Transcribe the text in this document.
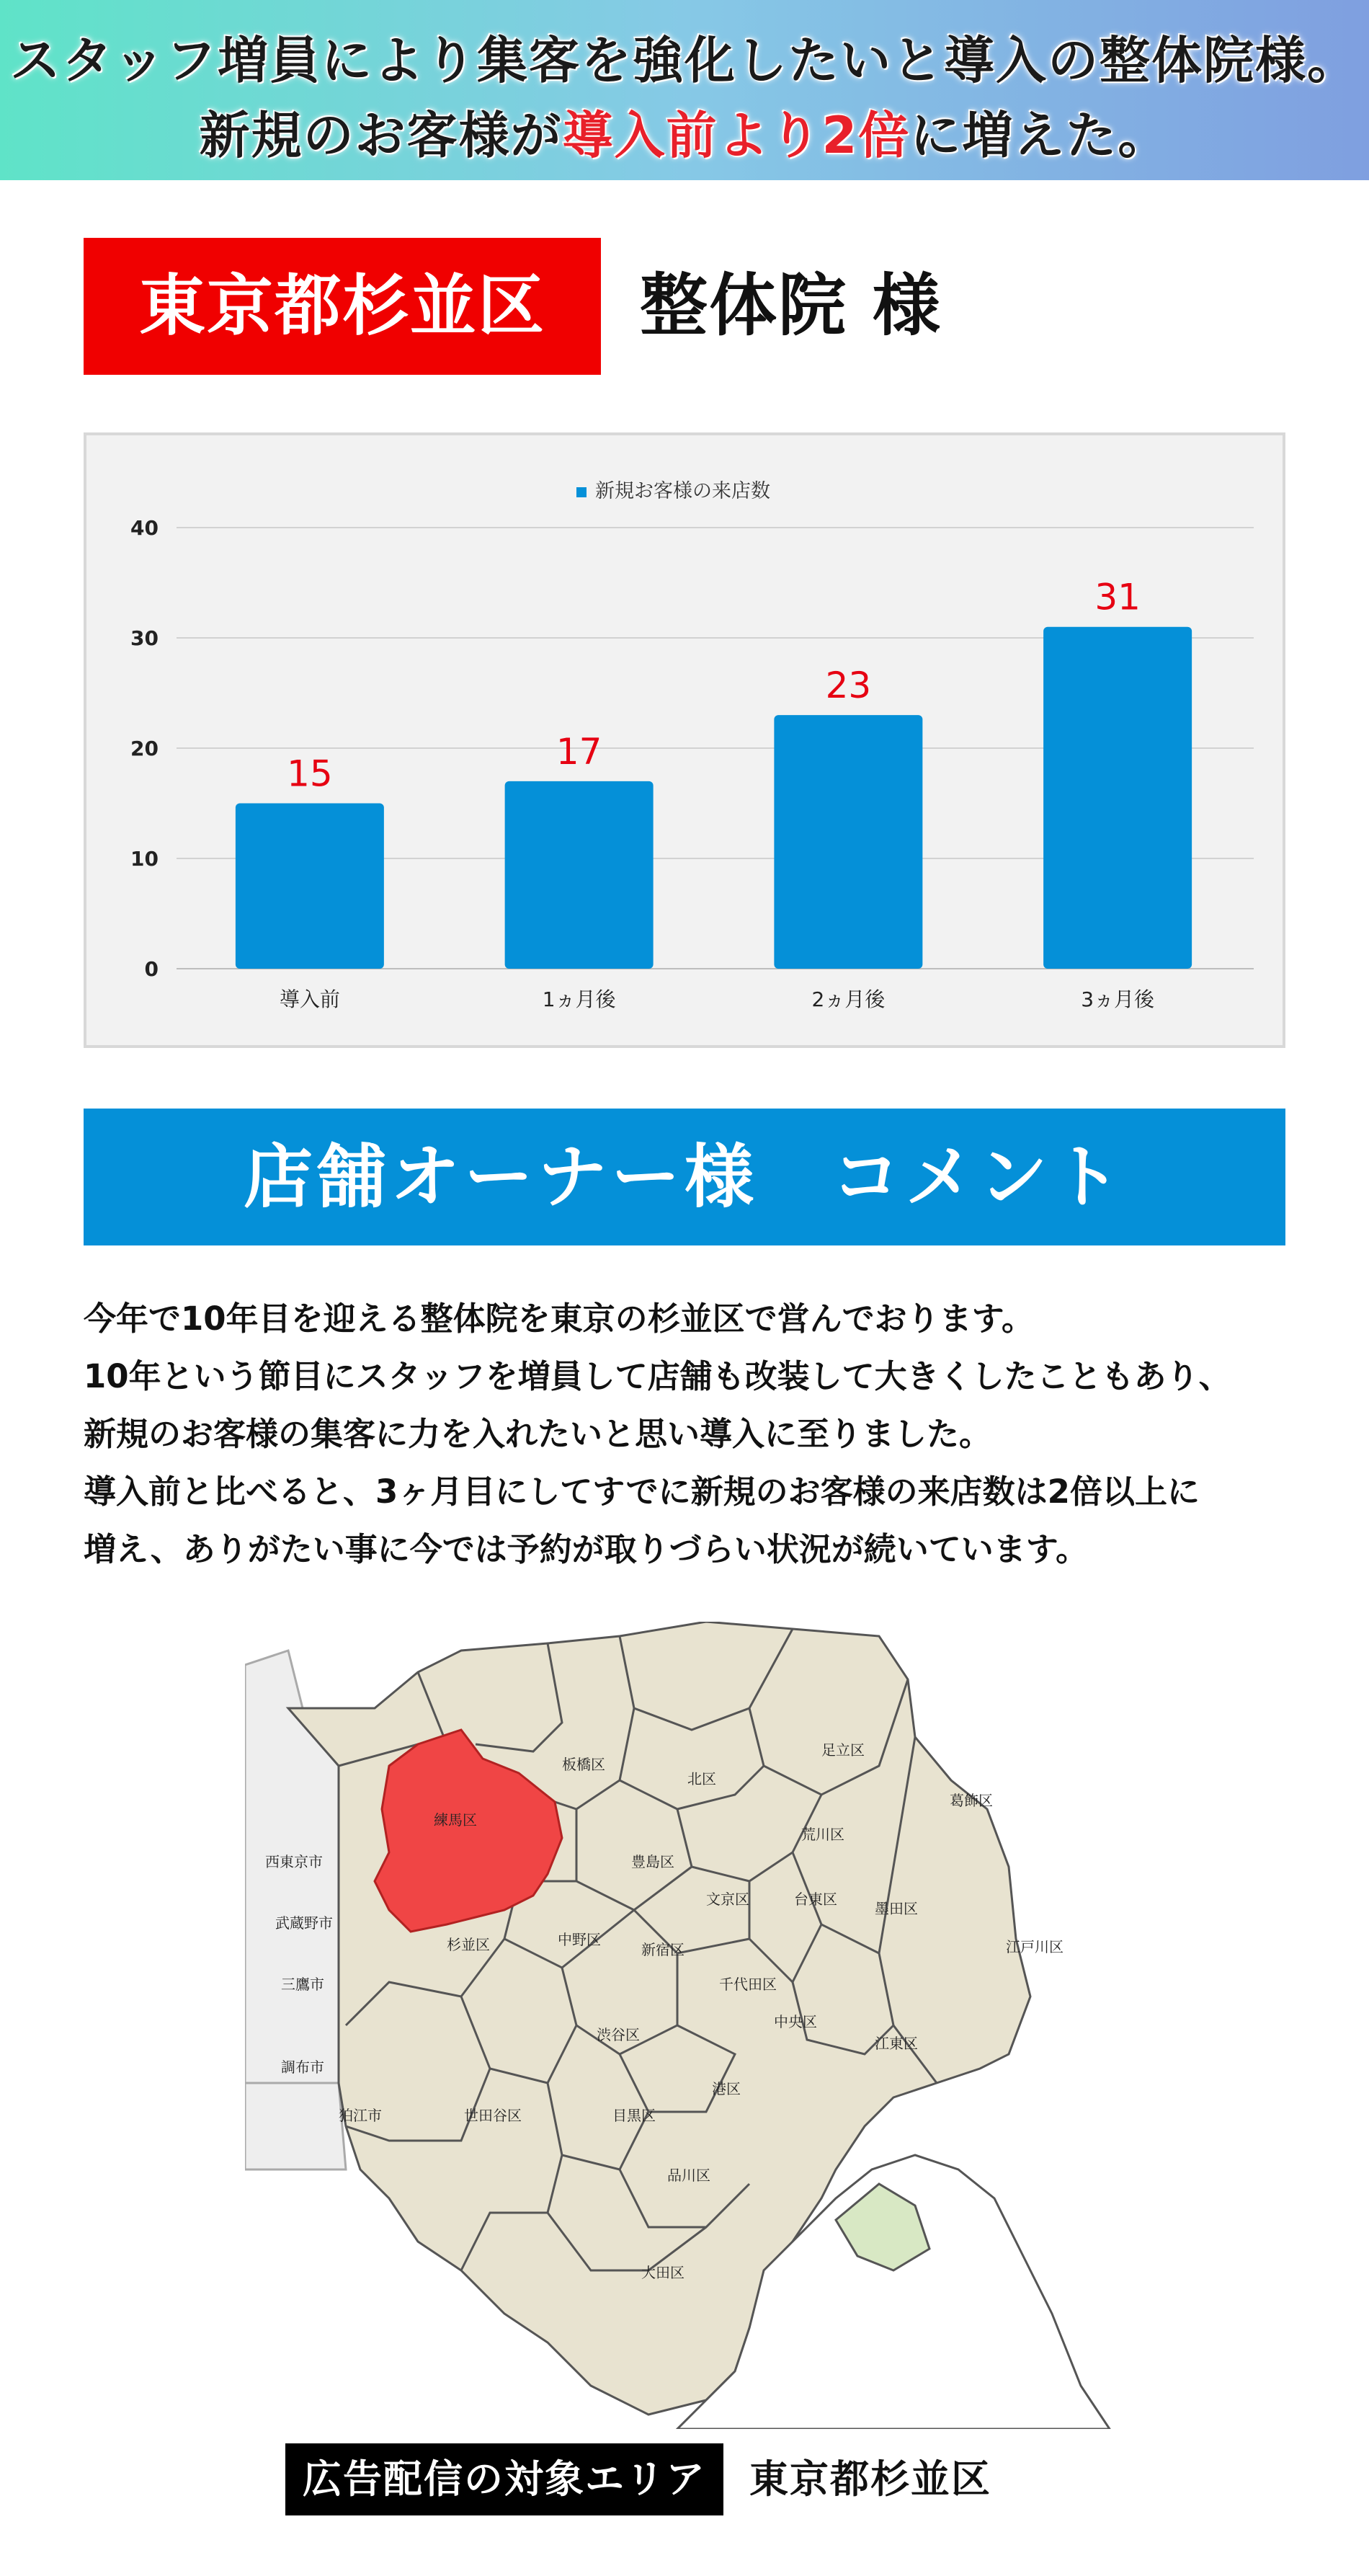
スタッフ増員により集客を強化したいと導入の整体院様。
新規のお客様が導入前より2倍に増えた。
東京都杉並区	整体院 様
新規お客様の来店数
0
10
20
30
40
15
導入前
17
1ヵ月後
23
2ヵ月後
31
3ヵ月後
店舗オーナー様　コメント

今年で10年目を迎える整体院を東京の杉並区で営んでおります。

10年という節目にスタッフを増員して店舗も改装して大きくしたこともあり、

新規のお客様の集客に力を入れたいと思い導入に至りました。

導入前と比べると、3ヶ月目にしてすでに新規のお客様の来店数は2倍以上に

増え、ありがたい事に今では予約が取りづらい状況が続いています。

足立区
板橋区
北区
葛飾区
練馬区
荒川区
豊島区
西東京市
文京区	台東区
墨田区
武蔵野市
杉並区	中野区
新宿区	江戸川区
千代田区
三鷹市
渋谷区
中央区
江東区
調布市
港区
狛江市	世田谷区	目黒区
品川区
大田区
広告配信の対象エリア	東京都杉並区
